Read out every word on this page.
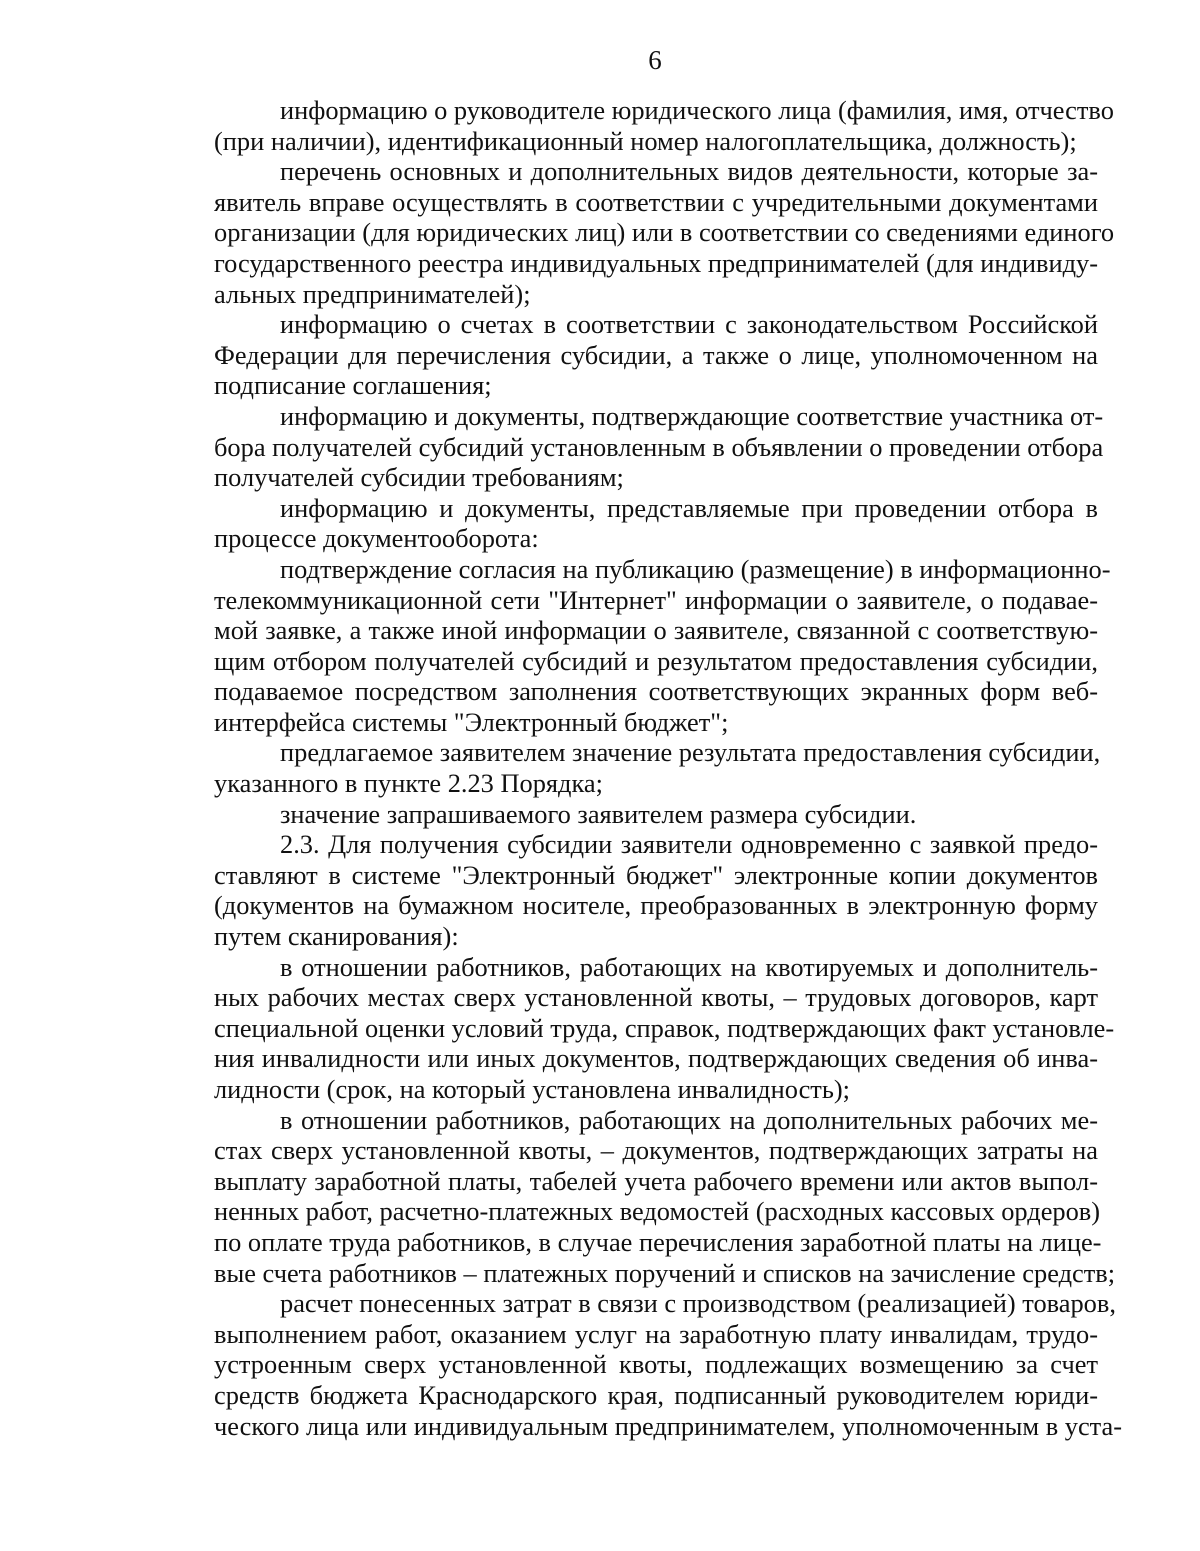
6
информацию о руководителе юридического лица (фамилия, имя, отчество
(при наличии), идентификационный номер налогоплательщика, должность);
перечень основных и дополнительных видов деятельности, которые за-
явитель вправе осуществлять в соответствии с учредительными документами
организации (для юридических лиц) или в соответствии со сведениями единого
государственного реестра индивидуальных предпринимателей (для индивиду-
альных предпринимателей);
информацию о счетах в соответствии с законодательством Российской
Федерации для перечисления субсидии, а также о лице, уполномоченном на
подписание соглашения;
информацию и документы, подтверждающие соответствие участника от-
бора получателей субсидий установленным в объявлении о проведении отбора
получателей субсидии требованиям;
информацию и документы, представляемые при проведении отбора в
процессе документооборота:
подтверждение согласия на публикацию (размещение) в информационно-
телекоммуникационной сети "Интернет" информации о заявителе, о подавае-
мой заявке, а также иной информации о заявителе, связанной с соответствую-
щим отбором получателей субсидий и результатом предоставления субсидии,
подаваемое посредством заполнения соответствующих экранных форм веб-
интерфейса системы "Электронный бюджет";
предлагаемое заявителем значение результата предоставления субсидии,
указанного в пункте 2.23 Порядка;
значение запрашиваемого заявителем размера субсидии.
2.3. Для получения субсидии заявители одновременно с заявкой предо-
ставляют в системе "Электронный бюджет" электронные копии документов
(документов на бумажном носителе, преобразованных в электронную форму
путем сканирования):
в отношении работников, работающих на квотируемых и дополнитель-
ных рабочих местах сверх установленной квоты, – трудовых договоров, карт
специальной оценки условий труда, справок, подтверждающих факт установле-
ния инвалидности или иных документов, подтверждающих сведения об инва-
лидности (срок, на который установлена инвалидность);
в отношении работников, работающих на дополнительных рабочих ме-
стах сверх установленной квоты, – документов, подтверждающих затраты на
выплату заработной платы, табелей учета рабочего времени или актов выпол-
ненных работ, расчетно-платежных ведомостей (расходных кассовых ордеров)
по оплате труда работников, в случае перечисления заработной платы на лице-
вые счета работников – платежных поручений и списков на зачисление средств;
расчет понесенных затрат в связи с производством (реализацией) товаров,
выполнением работ, оказанием услуг на заработную плату инвалидам, трудо-
устроенным сверх установленной квоты, подлежащих возмещению за счет
средств бюджета Краснодарского края, подписанный руководителем юриди-
ческого лица или индивидуальным предпринимателем, уполномоченным в уста-
